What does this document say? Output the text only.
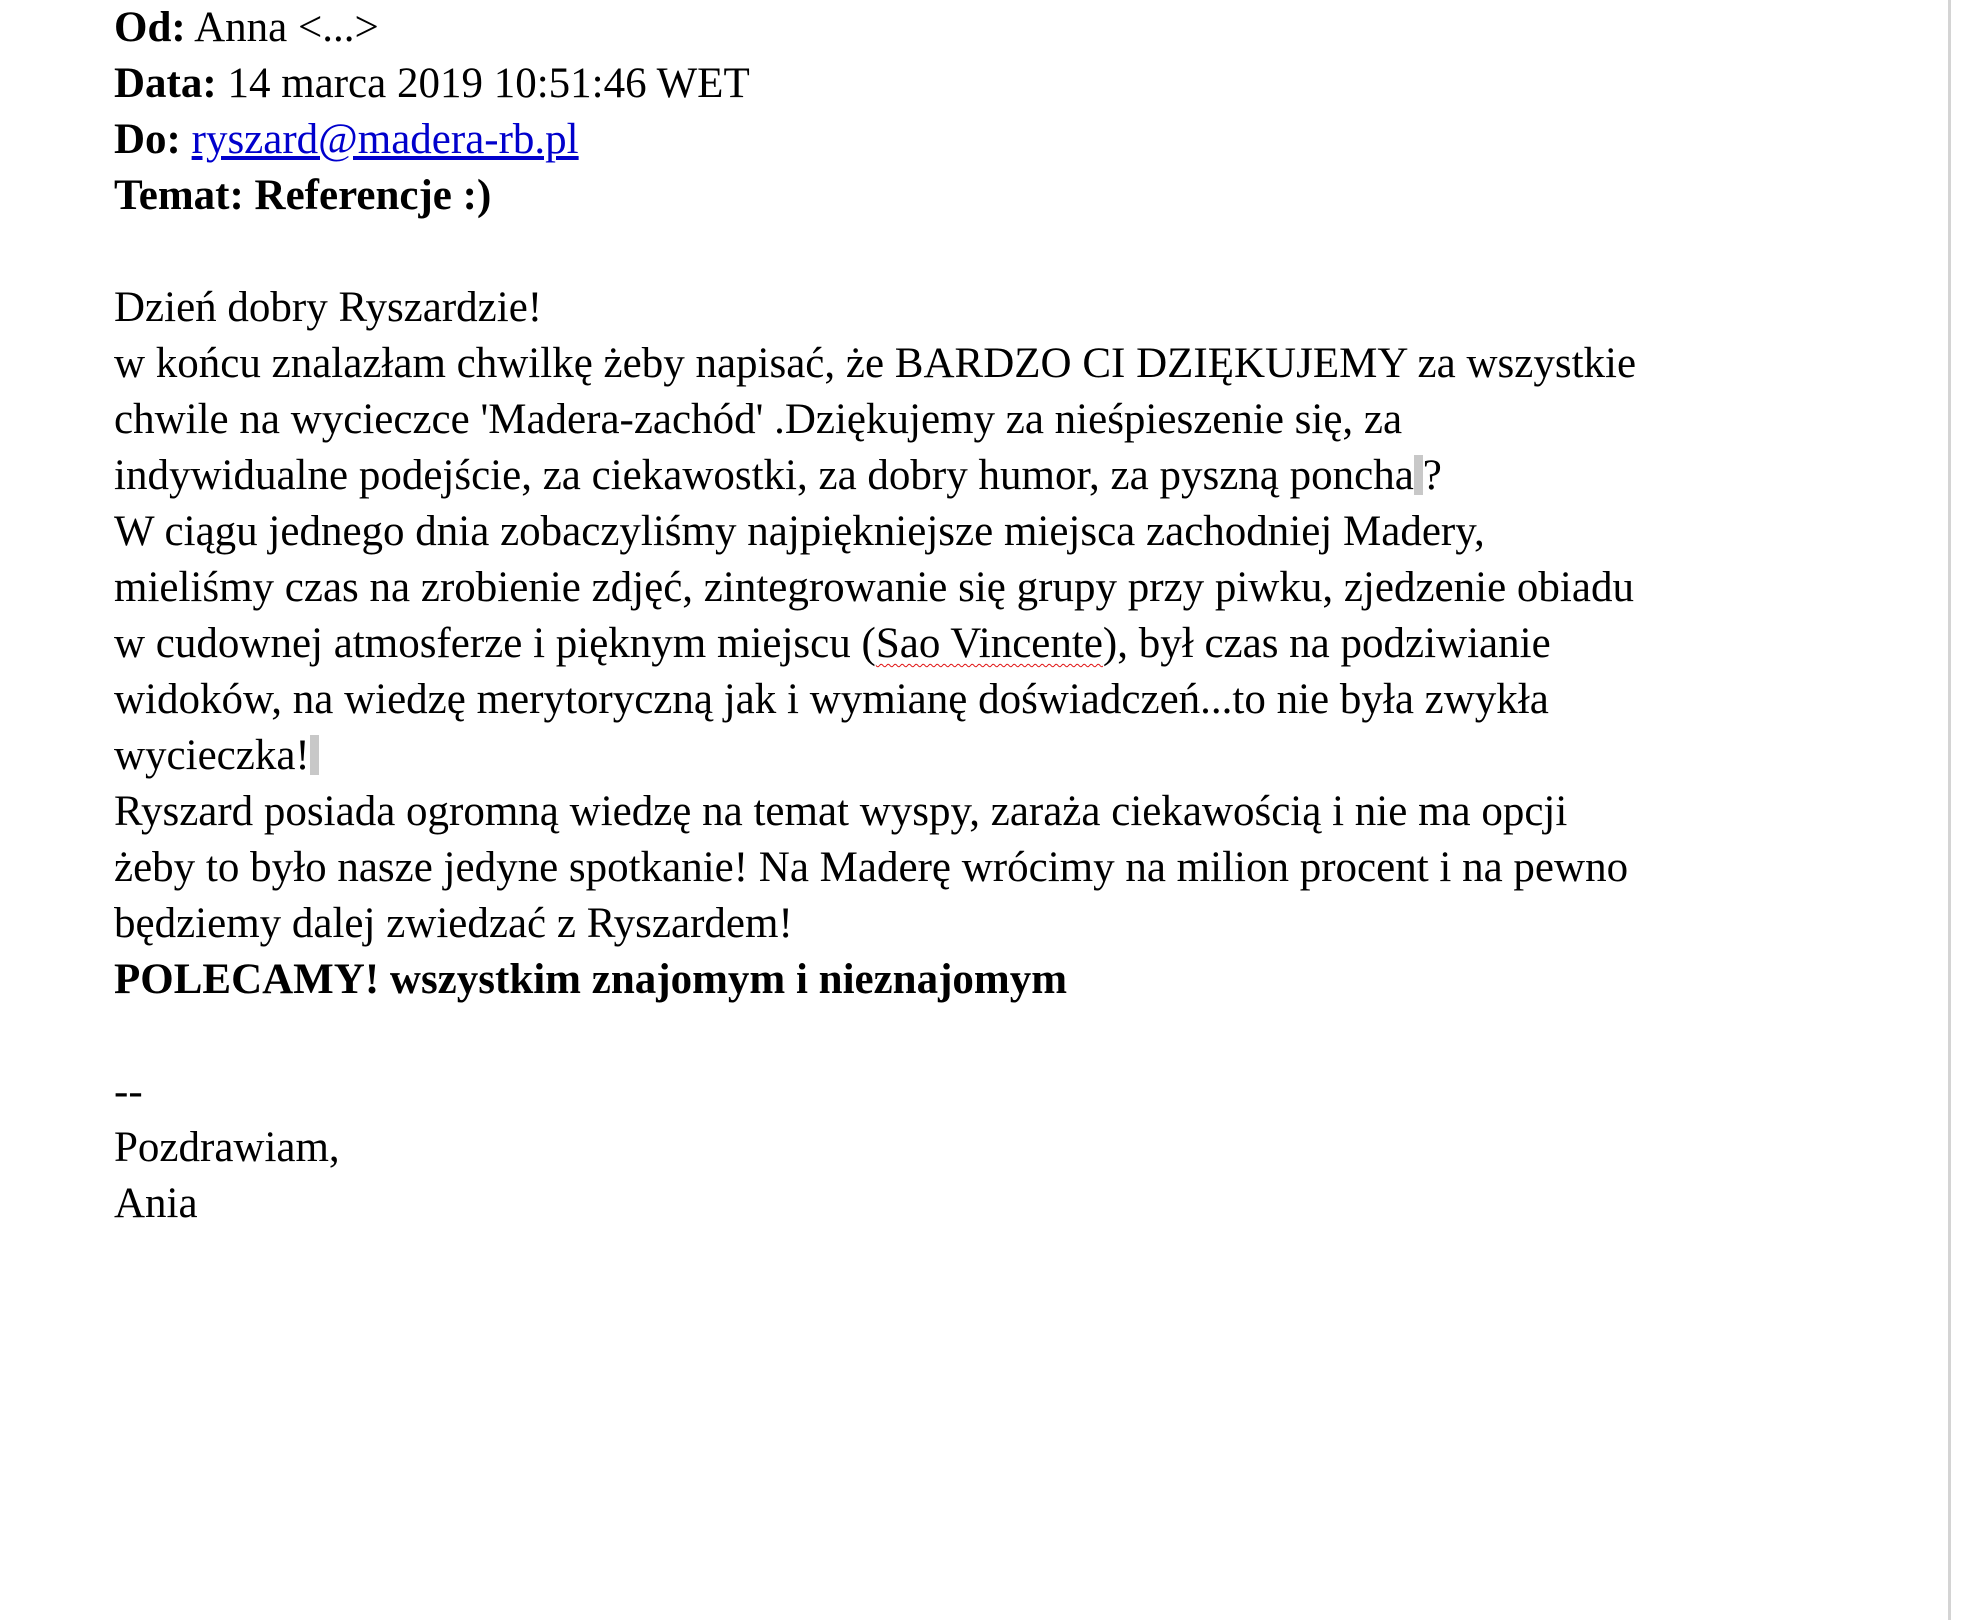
Od: Anna <...>
Data: 14 marca 2019 10:51:46 WET
Do: ryszard@madera-rb.pl
Temat: Referencje :)
Dzień dobry Ryszardzie!
w końcu znalazłam chwilkę żeby napisać, że BARDZO CI DZIĘKUJEMY za wszystkie
chwile na wycieczce 'Madera-zachód' .Dziękujemy za nieśpieszenie się, za
indywidualne podejście, za ciekawostki, za dobry humor, za pyszną poncha ?
W ciągu jednego dnia zobaczyliśmy najpiękniejsze miejsca zachodniej Madery,
mieliśmy czas na zrobienie zdjęć, zintegrowanie się grupy przy piwku, zjedzenie obiadu
w cudownej atmosferze i pięknym miejscu (Sao Vincente), był czas na podziwianie
widoków, na wiedzę merytoryczną jak i wymianę doświadczeń...to nie była zwykła
wycieczka!
Ryszard posiada ogromną wiedzę na temat wyspy, zaraża ciekawością i nie ma opcji
żeby to było nasze jedyne spotkanie! Na Maderę wrócimy na milion procent i na pewno
będziemy dalej zwiedzać z Ryszardem!
POLECAMY! wszystkim znajomym i nieznajomym
--
Pozdrawiam,
Ania
